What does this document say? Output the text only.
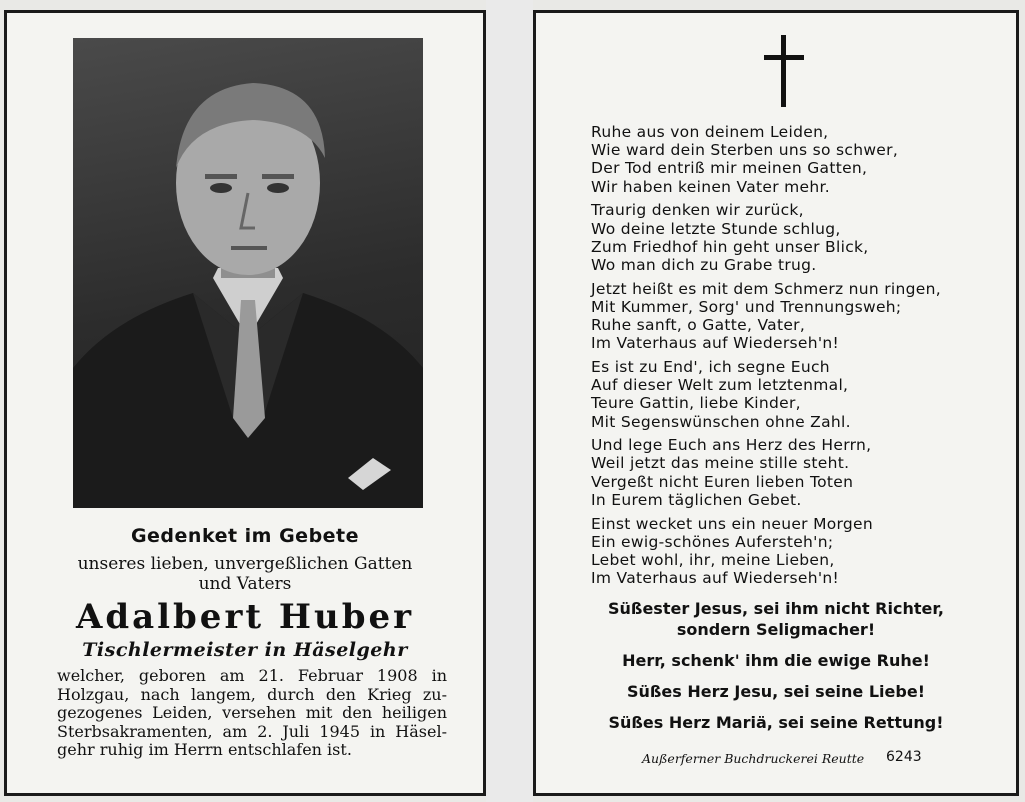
Gedenket im Gebete
unseres lieben, unvergeßlichen Gatten
und Vaters
Adalbert Huber
Tischlermeister in Häselgehr
welcher, geboren am 21. Februar 1908 in
Holzgau, nach langem, durch den Krieg zu-
gezogenes Leiden, versehen mit den heiligen
Sterbsakramenten, am 2. Juli 1945 in Häsel-
gehr ruhig im Herrn entschlafen ist.
Ruhe aus von deinem Leiden,
Wie ward dein Sterben uns so schwer,
Der Tod entriß mir meinen Gatten,
Wir haben keinen Vater mehr.
Traurig denken wir zurück,
Wo deine letzte Stunde schlug,
Zum Friedhof hin geht unser Blick,
Wo man dich zu Grabe trug.
Jetzt heißt es mit dem Schmerz nun ringen,
Mit Kummer, Sorg' und Trennungsweh;
Ruhe sanft, o Gatte, Vater,
Im Vaterhaus auf Wiederseh'n!
Es ist zu End', ich segne Euch
Auf dieser Welt zum letztenmal,
Teure Gattin, liebe Kinder,
Mit Segenswünschen ohne Zahl.
Und lege Euch ans Herz des Herrn,
Weil jetzt das meine stille steht.
Vergeßt nicht Euren lieben Toten
In Eurem täglichen Gebet.
Einst wecket uns ein neuer Morgen
Ein ewig-schönes Aufersteh'n;
Lebet wohl, ihr, meine Lieben,
Im Vaterhaus auf Wiederseh'n!
Süßester Jesus, sei ihm nicht Richter,
sondern Seligmacher!
Herr, schenk' ihm die ewige Ruhe!
Süßes Herz Jesu, sei seine Liebe!
Süßes Herz Mariä, sei seine Rettung!
Außerferner Buchdruckerei Reutte 6243
